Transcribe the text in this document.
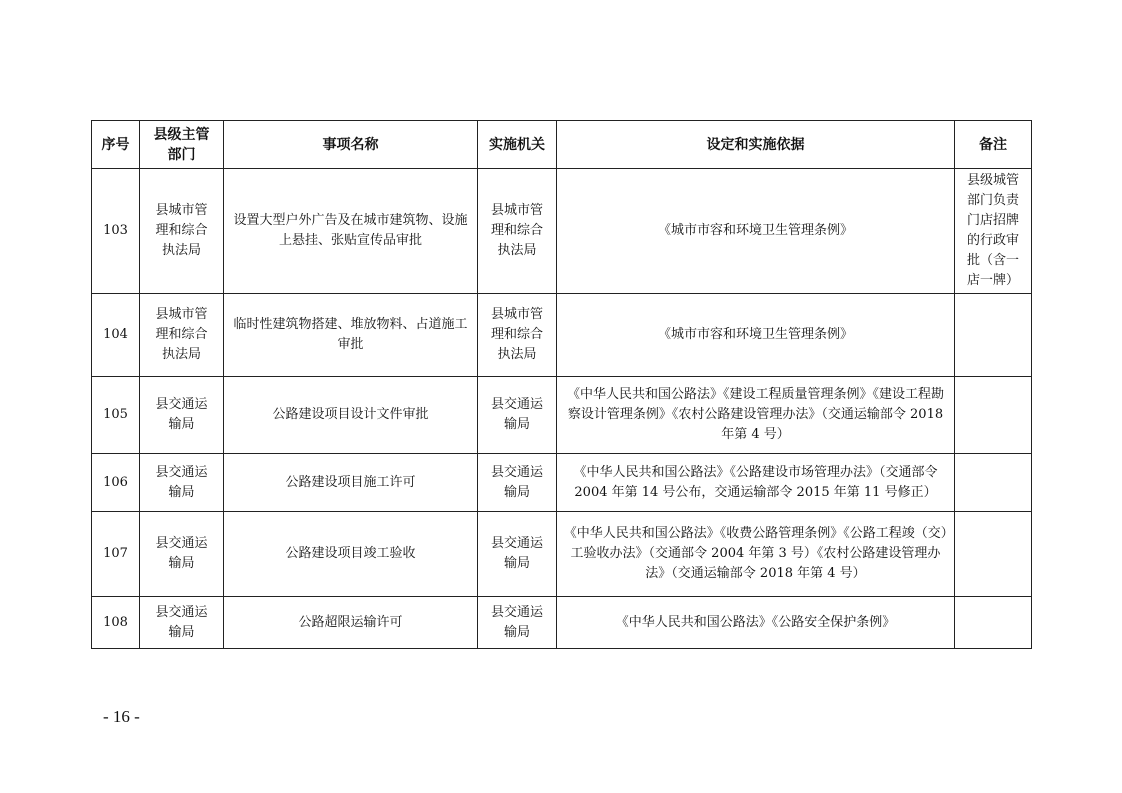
序号	县级主管部门	事项名称	实施机关	设定和实施依据	备注
103	县城市管理和综合执法局	设置大型户外广告及在城市建筑物、设施上悬挂、张贴宣传品审批	县城市管理和综合执法局	《城市市容和环境卫生管理条例》	县级城管部门负责门店招牌的行政审批（含一店一牌）
104	县城市管理和综合执法局	临时性建筑物搭建、堆放物料、占道施工审批	县城市管理和综合执法局	《城市市容和环境卫生管理条例》	
105	县交通运输局	公路建设项目设计文件审批	县交通运输局	《中华人民共和国公路法》《建设工程质量管理条例》《建设工程勘察设计管理条例》《农村公路建设管理办法》（交通运输部令 2018 年第 4 号）	
106	县交通运输局	公路建设项目施工许可	县交通运输局	《中华人民共和国公路法》《公路建设市场管理办法》（交通部令 2004 年第 14 号公布，交通运输部令 2015 年第 11 号修正）	
107	县交通运输局	公路建设项目竣工验收	县交通运输局	《中华人民共和国公路法》《收费公路管理条例》《公路工程竣（交）工验收办法》（交通部令 2004 年第 3 号）《农村公路建设管理办法》（交通运输部令 2018 年第 4 号）	
108	县交通运输局	公路超限运输许可	县交通运输局	《中华人民共和国公路法》《公路安全保护条例》	
- 16 -
